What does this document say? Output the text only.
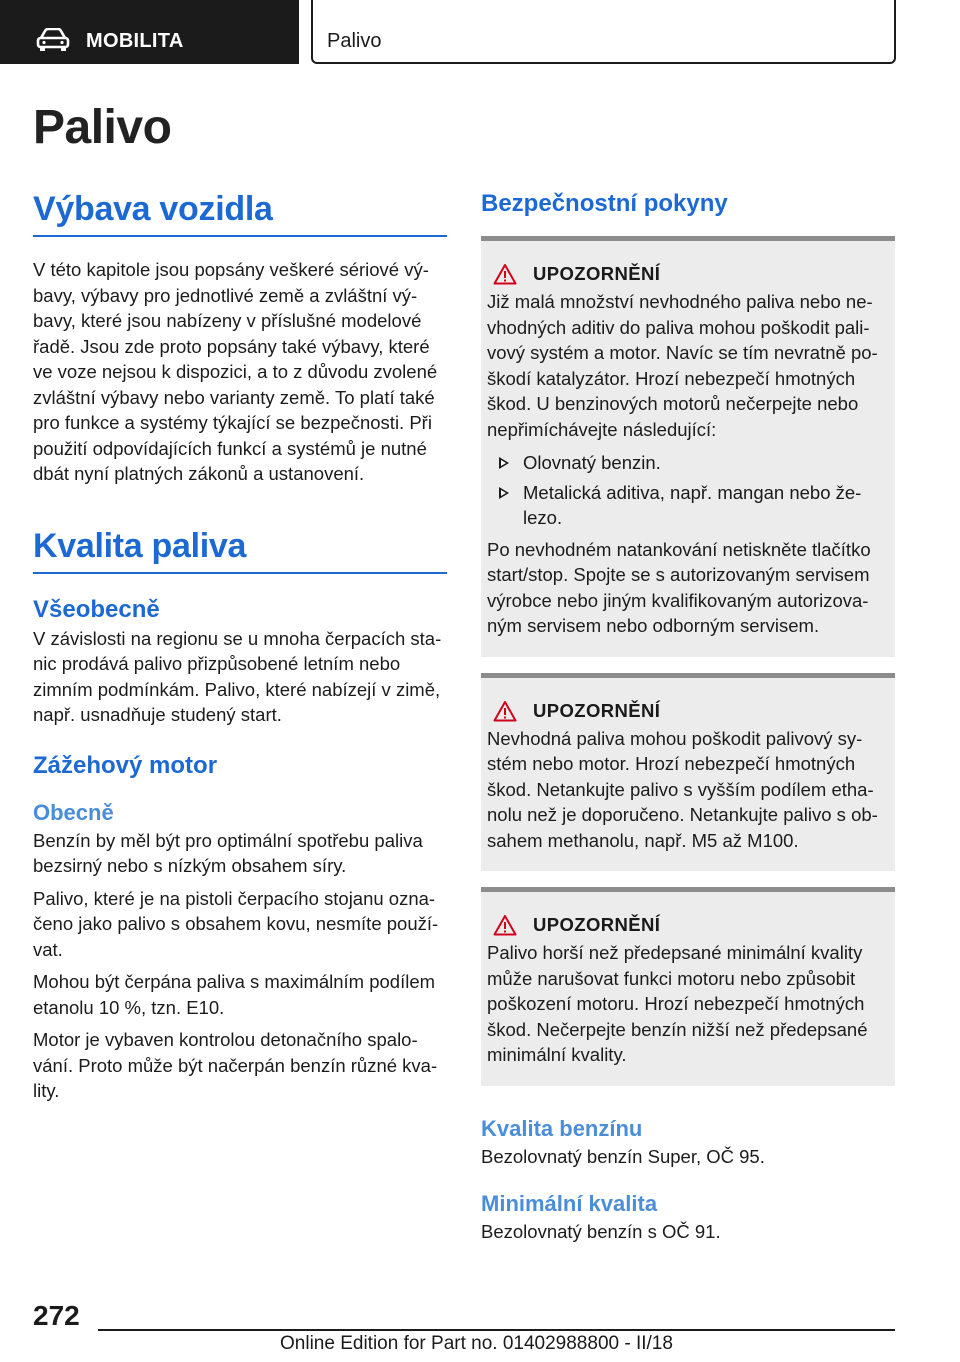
MOBILITA	Palivo
Palivo
Výbava vozidla
V této kapitole jsou popsány veškeré sériové vý-
bavy, výbavy pro jednotlivé země a zvláštní vý-
bavy, které jsou nabízeny v příslušné modelové
řadě. Jsou zde proto popsány také výbavy, které
ve voze nejsou k dispozici, a to z důvodu zvolené
zvláštní výbavy nebo varianty země. To platí také
pro funkce a systémy týkající se bezpečnosti. Při
použití odpovídajících funkcí a systémů je nutné
dbát nyní platných zákonů a ustanovení.
Kvalita paliva
Všeobecně
V závislosti na regionu se u mnoha čerpacích sta-
nic prodává palivo přizpůsobené letním nebo
zimním podmínkám. Palivo, které nabízejí v zimě,
např. usnadňuje studený start.
Zážehový motor
Obecně
Benzín by měl být pro optimální spotřebu paliva
bezsirný nebo s nízkým obsahem síry.
Palivo, které je na pistoli čerpacího stojanu ozna-
čeno jako palivo s obsahem kovu, nesmíte použí-
vat.
Mohou být čerpána paliva s maximálním podílem
etanolu 10 %, tzn. E10.
Motor je vybaven kontrolou detonačního spalo-
vání. Proto může být načerpán benzín různé kva-
lity.
Bezpečnostní pokyny
UPOZORNĚNÍ
Již malá množství nevhodného paliva nebo ne-
vhodných aditiv do paliva mohou poškodit pali-
vový systém a motor. Navíc se tím nevratně po-
škodí katalyzátor. Hrozí nebezpečí hmotných
škod. U benzinových motorů nečerpejte nebo
nepřimíchávejte následující:
Olovnatý benzin.
Metalická aditiva, např. mangan nebo že-
lezo.
Po nevhodném natankování netiskněte tlačítko
start/stop. Spojte se s autorizovaným servisem
výrobce nebo jiným kvalifikovaným autorizova-
ným servisem nebo odborným servisem.
UPOZORNĚNÍ
Nevhodná paliva mohou poškodit palivový sy-
stém nebo motor. Hrozí nebezpečí hmotných
škod. Netankujte palivo s vyšším podílem etha-
nolu než je doporučeno. Netankujte palivo s ob-
sahem methanolu, např. M5 až M100.
UPOZORNĚNÍ
Palivo horší než předepsané minimální kvality
může narušovat funkci motoru nebo způsobit
poškození motoru. Hrozí nebezpečí hmotných
škod. Nečerpejte benzín nižší než předepsané
minimální kvality.
Kvalita benzínu
Bezolovnatý benzín Super, OČ 95.
Minimální kvalita
Bezolovnatý benzín s OČ 91.
272
Online Edition for Part no. 01402988800 - II/18
